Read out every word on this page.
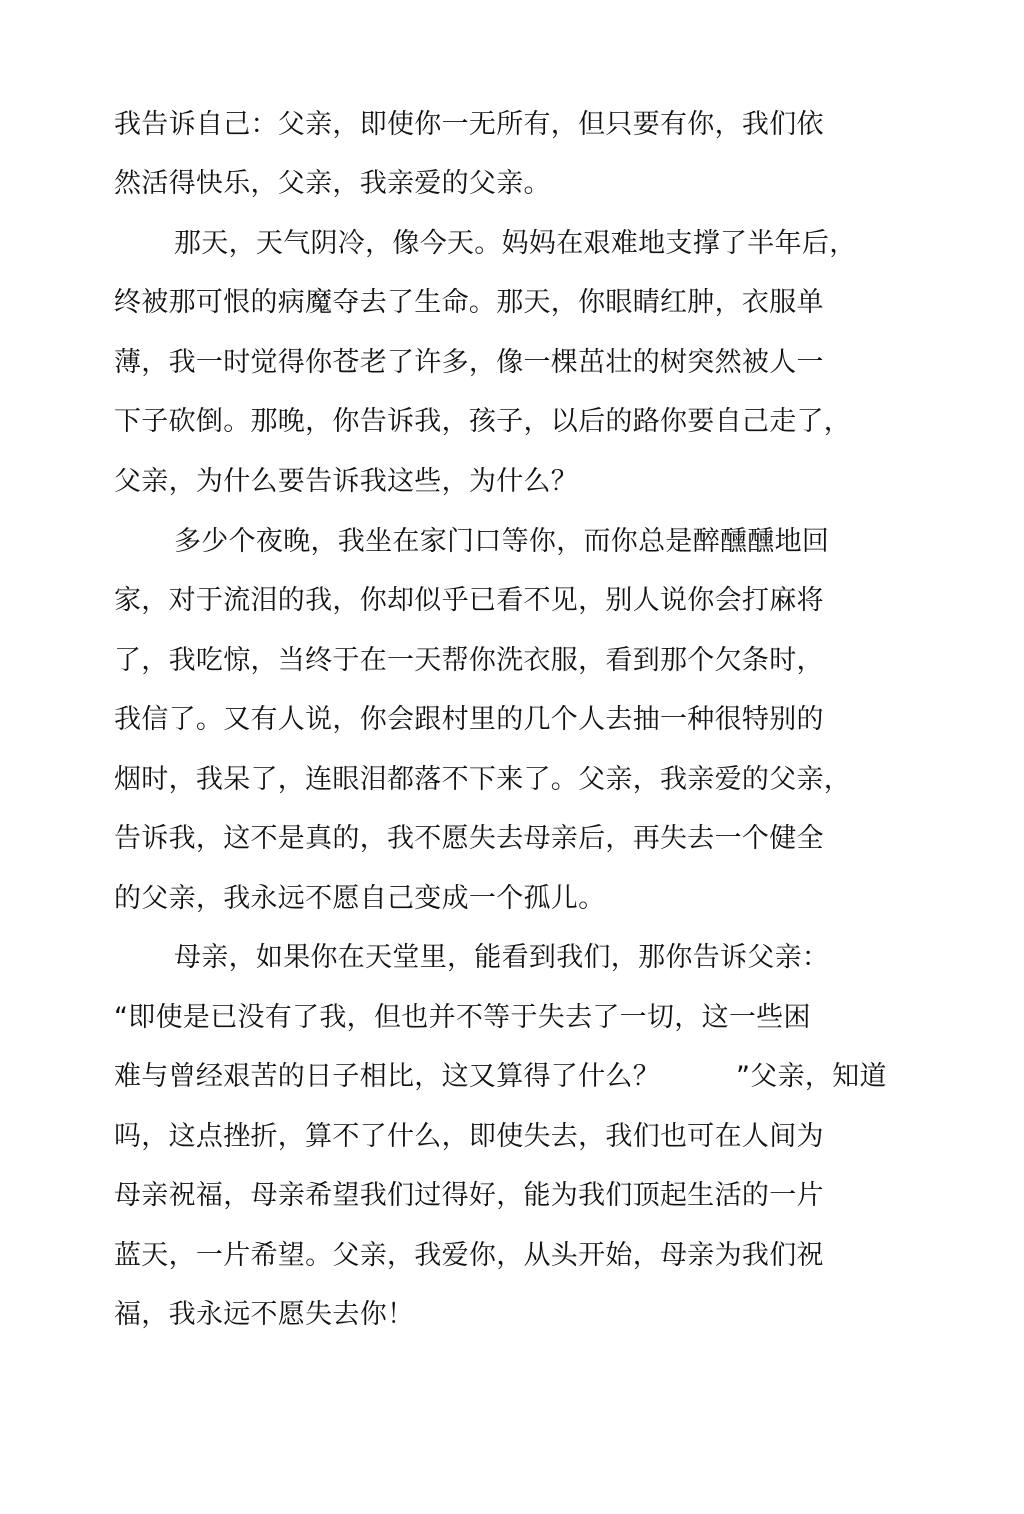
我告诉自己：父亲，即使你一无所有，但只要有你，我们依
然活得快乐，父亲，我亲爱的父亲。
那天，天气阴冷，像今天。妈妈在艰难地支撑了半年后，
终被那可恨的病魔夺去了生命。那天，你眼睛红肿，衣服单
薄，我一时觉得你苍老了许多，像一棵茁壮的树突然被人一
下子砍倒。那晚，你告诉我，孩子，以后的路你要自己走了，
父亲，为什么要告诉我这些，为什么？
多少个夜晚，我坐在家门口等你，而你总是醉醺醺地回
家，对于流泪的我，你却似乎已看不见，别人说你会打麻将
了，我吃惊，当终于在一天帮你洗衣服，看到那个欠条时，
我信了。又有人说，你会跟村里的几个人去抽一种很特别的
烟时，我呆了，连眼泪都落不下来了。父亲，我亲爱的父亲，
告诉我，这不是真的，我不愿失去母亲后，再失去一个健全
的父亲，我永远不愿自己变成一个孤儿。
母亲，如果你在天堂里，能看到我们，那你告诉父亲：
“即使是已没有了我，但也并不等于失去了一切，这一些困
难与曾经艰苦的日子相比，这又算得了什么？	”父亲，知道
吗，这点挫折，算不了什么，即使失去，我们也可在人间为
母亲祝福，母亲希望我们过得好，能为我们顶起生活的一片
蓝天，一片希望。父亲，我爱你，从头开始，母亲为我们祝
福，我永远不愿失去你！
